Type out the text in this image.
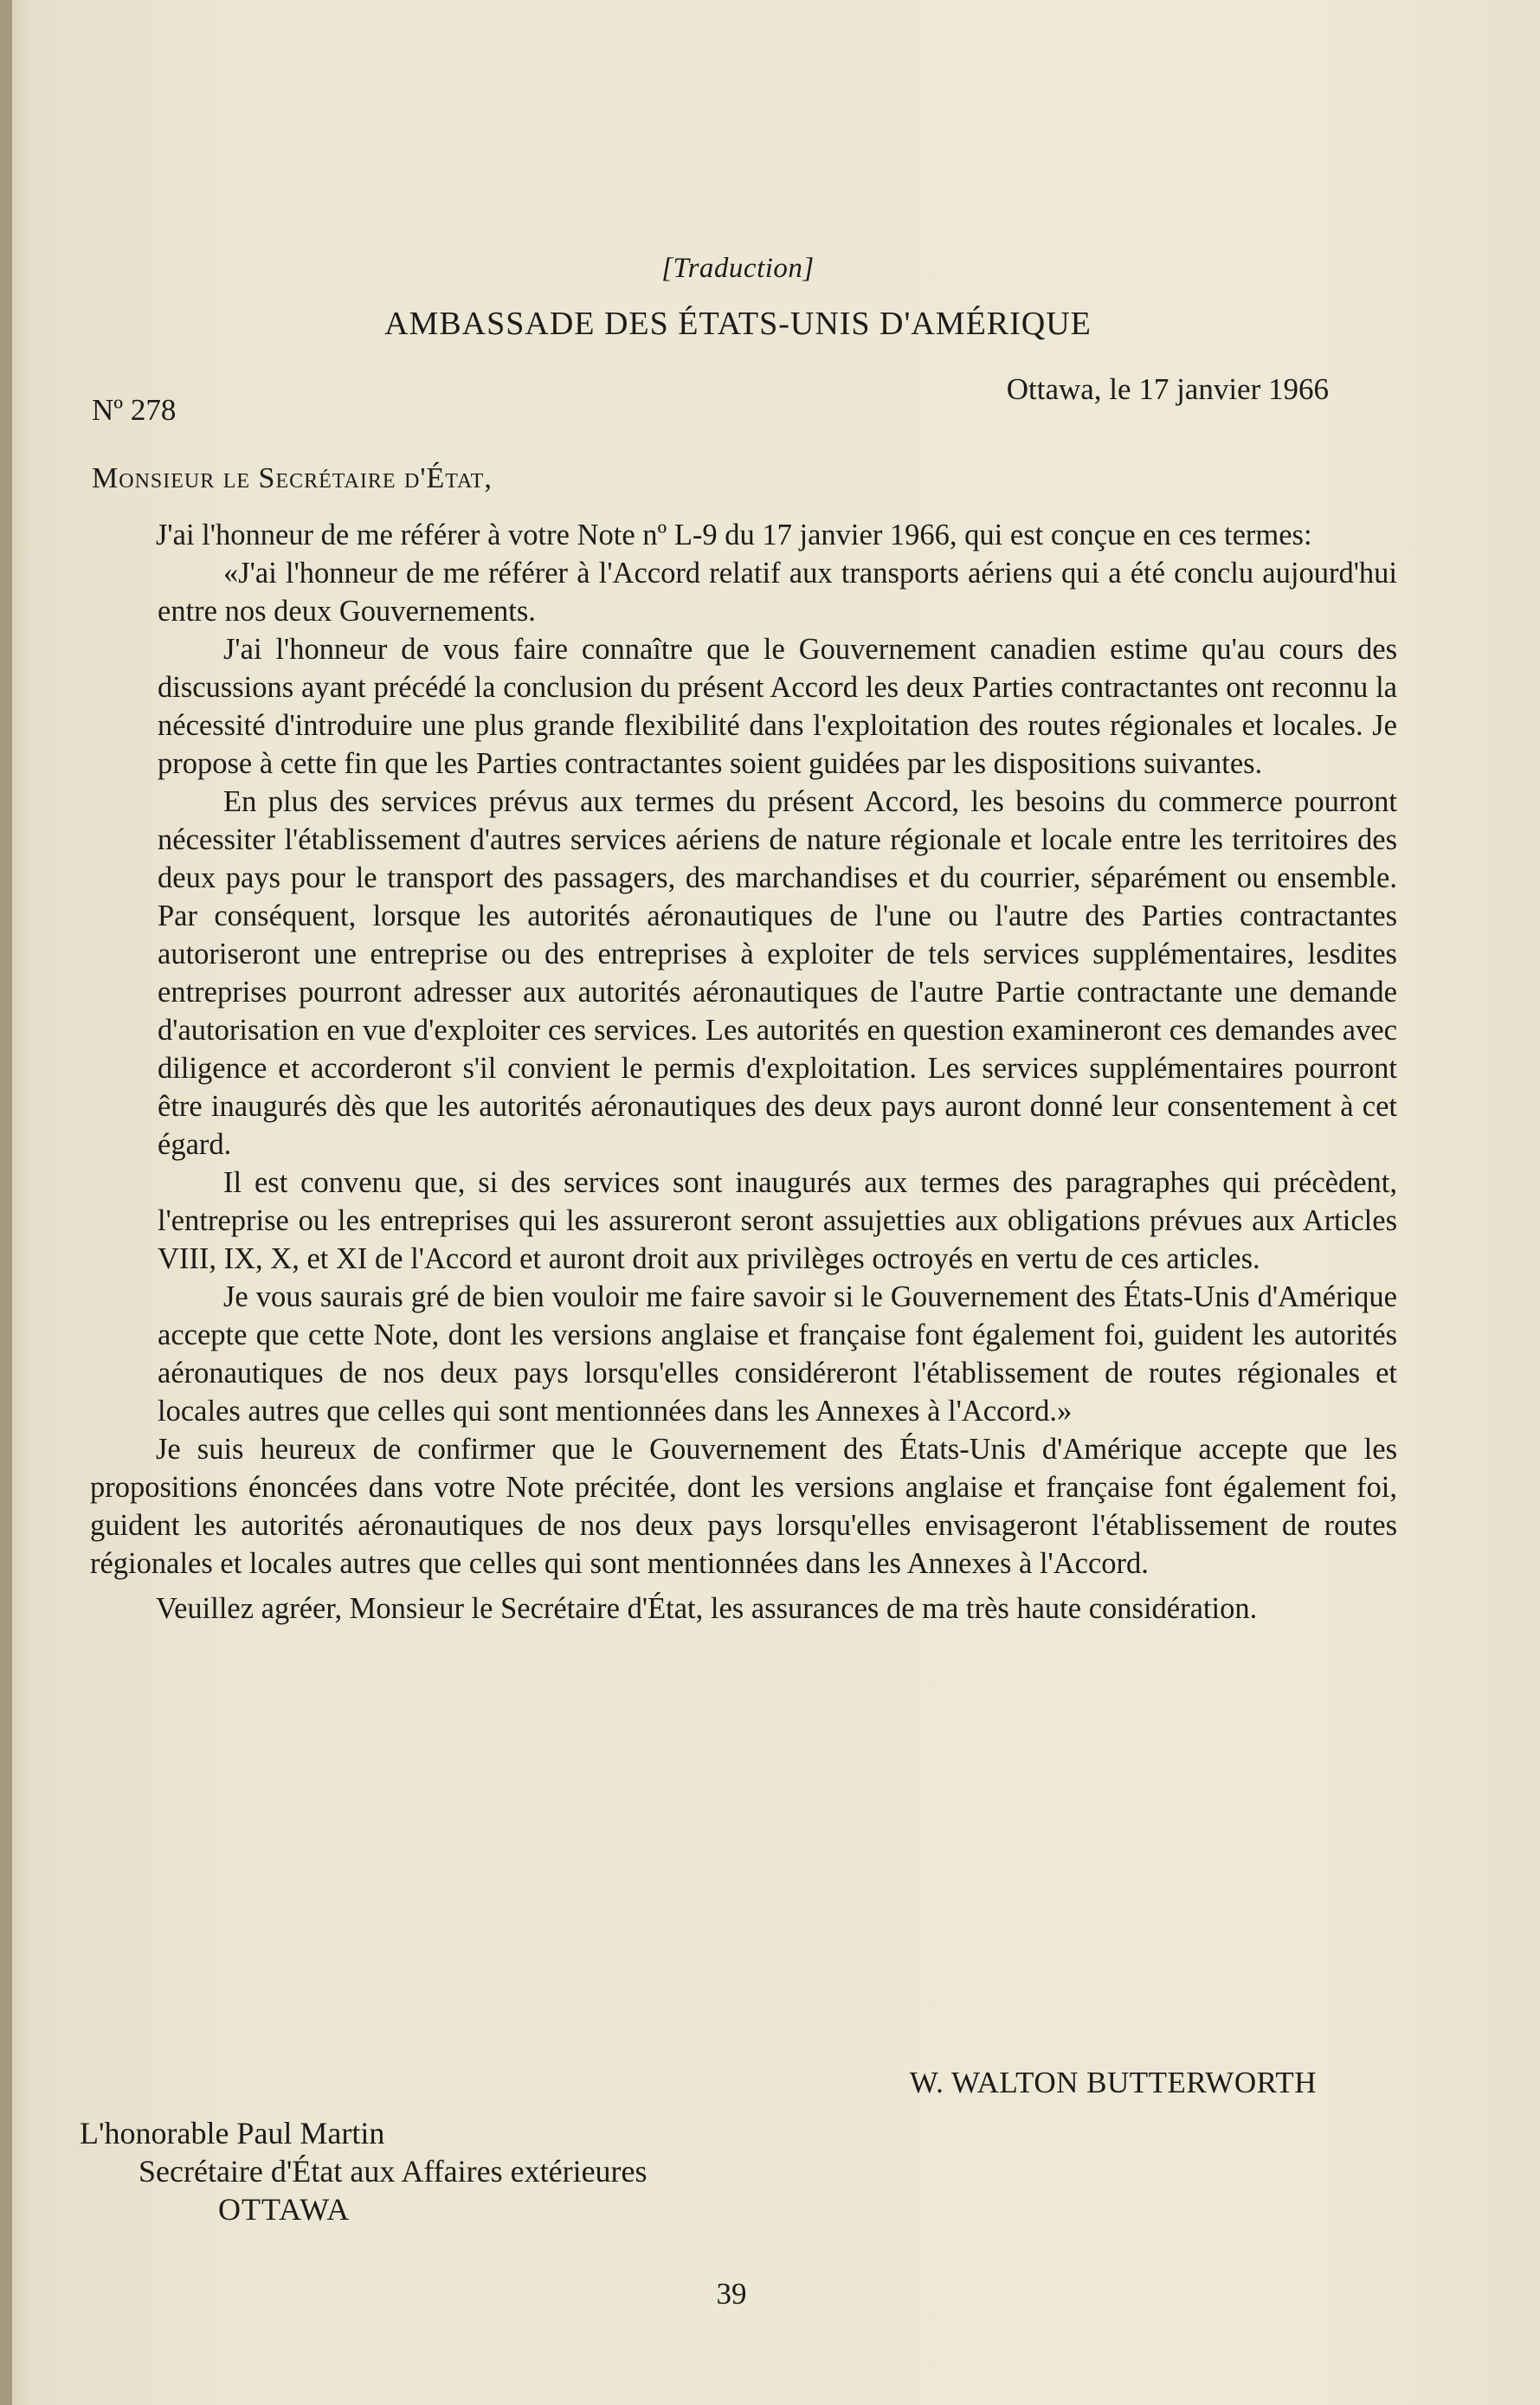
[Traduction]
AMBASSADE DES ÉTATS-UNIS D'AMÉRIQUE
Nº 278
Ottawa, le 17 janvier 1966
Monsieur le Secrétaire d'État,

J'ai l'honneur de me référer à votre Note nº L-9 du 17 janvier 1966, qui est conçue en ces termes:

«J'ai l'honneur de me référer à l'Accord relatif aux transports aériens qui a été conclu aujourd'hui entre nos deux Gouvernements.

J'ai l'honneur de vous faire connaître que le Gouvernement canadien estime qu'au cours des discussions ayant précédé la conclusion du présent Accord les deux Parties contractantes ont reconnu la nécessité d'introduire une plus grande flexibilité dans l'exploitation des routes régionales et locales. Je propose à cette fin que les Parties contractantes soient guidées par les dispositions suivantes.

En plus des services prévus aux termes du présent Accord, les besoins du commerce pourront nécessiter l'établissement d'autres services aériens de nature régionale et locale entre les territoires des deux pays pour le transport des passagers, des marchandises et du courrier, séparément ou ensemble. Par conséquent, lorsque les autorités aéronautiques de l'une ou l'autre des Parties contractantes autoriseront une entreprise ou des entreprises à exploiter de tels services supplémentaires, lesdites entreprises pourront adresser aux autorités aéronautiques de l'autre Partie contractante une demande d'autorisation en vue d'exploiter ces services. Les autorités en question examineront ces demandes avec diligence et accorderont s'il convient le permis d'exploitation. Les services supplémentaires pourront être inaugurés dès que les autorités aéronautiques des deux pays auront donné leur consentement à cet égard.

Il est convenu que, si des services sont inaugurés aux termes des paragraphes qui précèdent, l'entreprise ou les entreprises qui les assureront seront assujetties aux obligations prévues aux Articles VIII, IX, X, et XI de l'Accord et auront droit aux privilèges octroyés en vertu de ces articles.

Je vous saurais gré de bien vouloir me faire savoir si le Gouvernement des États-Unis d'Amérique accepte que cette Note, dont les versions anglaise et française font également foi, guident les autorités aéronautiques de nos deux pays lorsqu'elles considéreront l'établissement de routes régionales et locales autres que celles qui sont mentionnées dans les Annexes à l'Accord.»

Je suis heureux de confirmer que le Gouvernement des États-Unis d'Amérique accepte que les propositions énoncées dans votre Note précitée, dont les versions anglaise et française font également foi, guident les autorités aéronautiques de nos deux pays lorsqu'elles envisageront l'établissement de routes régionales et locales autres que celles qui sont mentionnées dans les Annexes à l'Accord.

Veuillez agréer, Monsieur le Secrétaire d'État, les assurances de ma très haute considération.

W. WALTON BUTTERWORTH
L'honorable Paul Martin
Secrétaire d'État aux Affaires extérieures
OTTAWA
39
